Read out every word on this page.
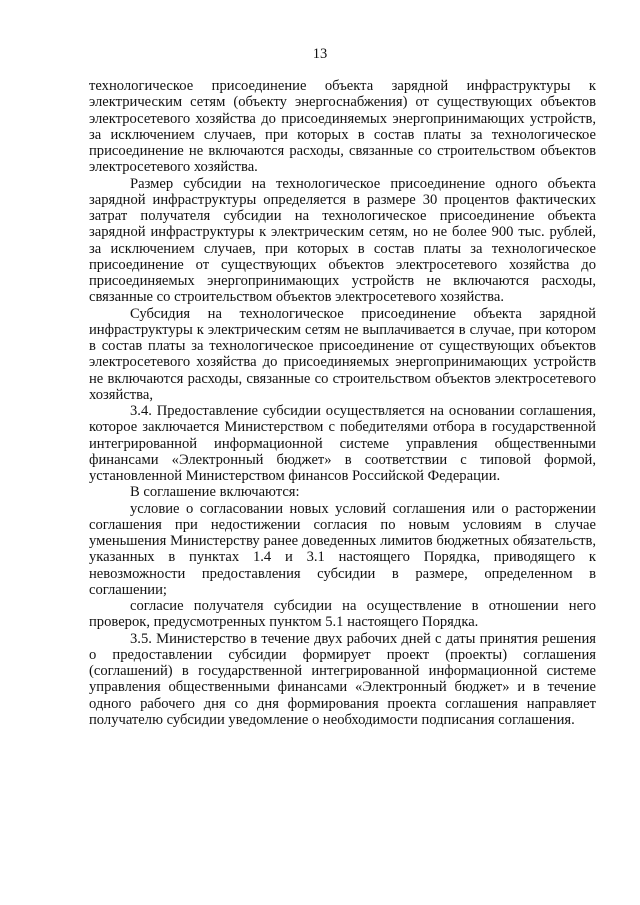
13

технологическое присоединение объекта зарядной инфраструктуры к электрическим сетям (объекту энергоснабжения) от существующих объектов электросетевого хозяйства до присоединяемых энергопринимающих устройств, за исключением случаев, при которых в состав платы за технологическое присоединение не включаются расходы, связанные со строительством объектов электросетевого хозяйства.

Размер субсидии на технологическое присоединение одного объекта зарядной инфраструктуры определяется в размере 30 процентов фактических затрат получателя субсидии на технологическое присоединение объекта зарядной инфраструктуры к электрическим сетям, но не более 900 тыс. рублей, за исключением случаев, при которых в состав платы за технологическое присоединение от существующих объектов электросетевого хозяйства до присоединяемых энергопринимающих устройств не включаются расходы, связанные со строительством объектов электросетевого хозяйства.

Субсидия на технологическое присоединение объекта зарядной инфраструктуры к электрическим сетям не выплачивается в случае, при котором в состав платы за технологическое присоединение от существующих объектов электросетевого хозяйства до присоединяемых энергопринимающих устройств не включаются расходы, связанные со строительством объектов электросетевого хозяйства,

3.4. Предоставление субсидии осуществляется на основании соглашения, которое заключается Министерством с победителями отбора в государственной интегрированной информационной системе управления общественными финансами «Электронный бюджет» в соответствии с типовой формой, установленной Министерством финансов Российской Федерации.

В соглашение включаются:

условие о согласовании новых условий соглашения или о расторжении соглашения при недостижении согласия по новым условиям в случае уменьшения Министерству ранее доведенных лимитов бюджетных обязательств, указанных в пунктах 1.4 и 3.1 настоящего Порядка, приводящего к невозможности предоставления субсидии в размере, определенном в соглашении;

согласие получателя субсидии на осуществление в отношении него проверок, предусмотренных пунктом 5.1 настоящего Порядка.

3.5. Министерство в течение двух рабочих дней с даты принятия решения о предоставлении субсидии формирует проект (проекты) соглашения (соглашений) в государственной интегрированной информационной системе управления общественными финансами «Электронный бюджет» и в течение одного рабочего дня со дня формирования проекта соглашения направляет получателю субсидии уведомление о необходимости подписания соглашения.
